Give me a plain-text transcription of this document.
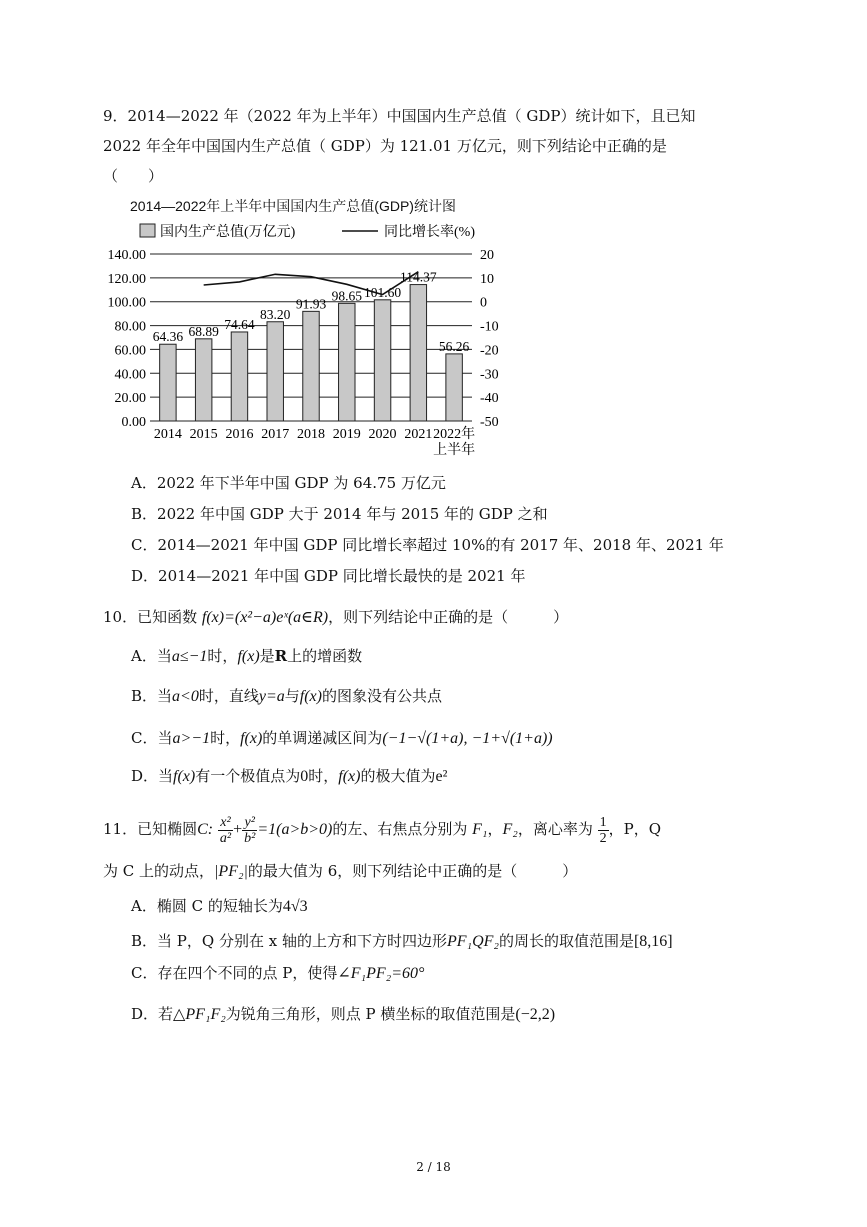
9．2014—2022 年（2022 年为上半年）中国国内生产总值（ GDP）统计如下，且已知
2022 年全年中国国内生产总值（ GDP）为 121.01 万亿元，则下列结论中正确的是
（　　）
2014—2022年上半年中国国内生产总值(GDP)统计图
国内生产总值(万亿元)	同比增长率(%)
0.00
20.00
40.00
60.00
80.00
100.00
120.00
140.00	20
10
0
-10
-20
-30
-40
-50
64.36 68.89 74.64
83.20
91.93
98.65 101.60
114.37
56.26
2014 2015 2016 2017 2018 2019 2020 2021 2022年
上半年
A．2022 年下半年中国 GDP 为 64.75 万亿元
B．2022 年中国 GDP 大于 2014 年与 2015 年的 GDP 之和
C．2014—2021 年中国 GDP 同比增长率超过 10%的有 2017 年、2018 年、2021 年
D．2014—2021 年中国 GDP 同比增长最快的是 2021 年
10．已知函数 f(x)=(x²−a)eˣ(a∈R)，则下列结论中正确的是（　　　）
A．当a≤−1时，f(x)是R上的增函数
B．当a<0时，直线y=a与f(x)的图象没有公共点
C．当a>−1时，f(x)的单调递减区间为(−1−√(1+a), −1+√(1+a))
D．当f(x)有一个极值点为0时，f(x)的极大值为e²
11．已知椭圆C: $\frac{\text{x²}}{\text{a²}} + \frac{\text{y²}}{\text{b²}} =1(a>b>0)$的左、右焦点分别为 F₁，F₂，离心率为 $\frac{1}{2}$ ，P，Q
为 C 上的动点，|PF₂|的最大值为 6，则下列结论中正确的是（　　　）
A．椭圆 C 的短轴长为4√3
B．当 P，Q 分别在 x 轴的上方和下方时四边形PF₁QF₂的周长的取值范围是[8,16]
C．存在四个不同的点 P，使得∠F₁PF₂=60°
D．若△PF₁F₂为锐角三角形，则点 P 横坐标的取值范围是(−2,2)
2 / 18
